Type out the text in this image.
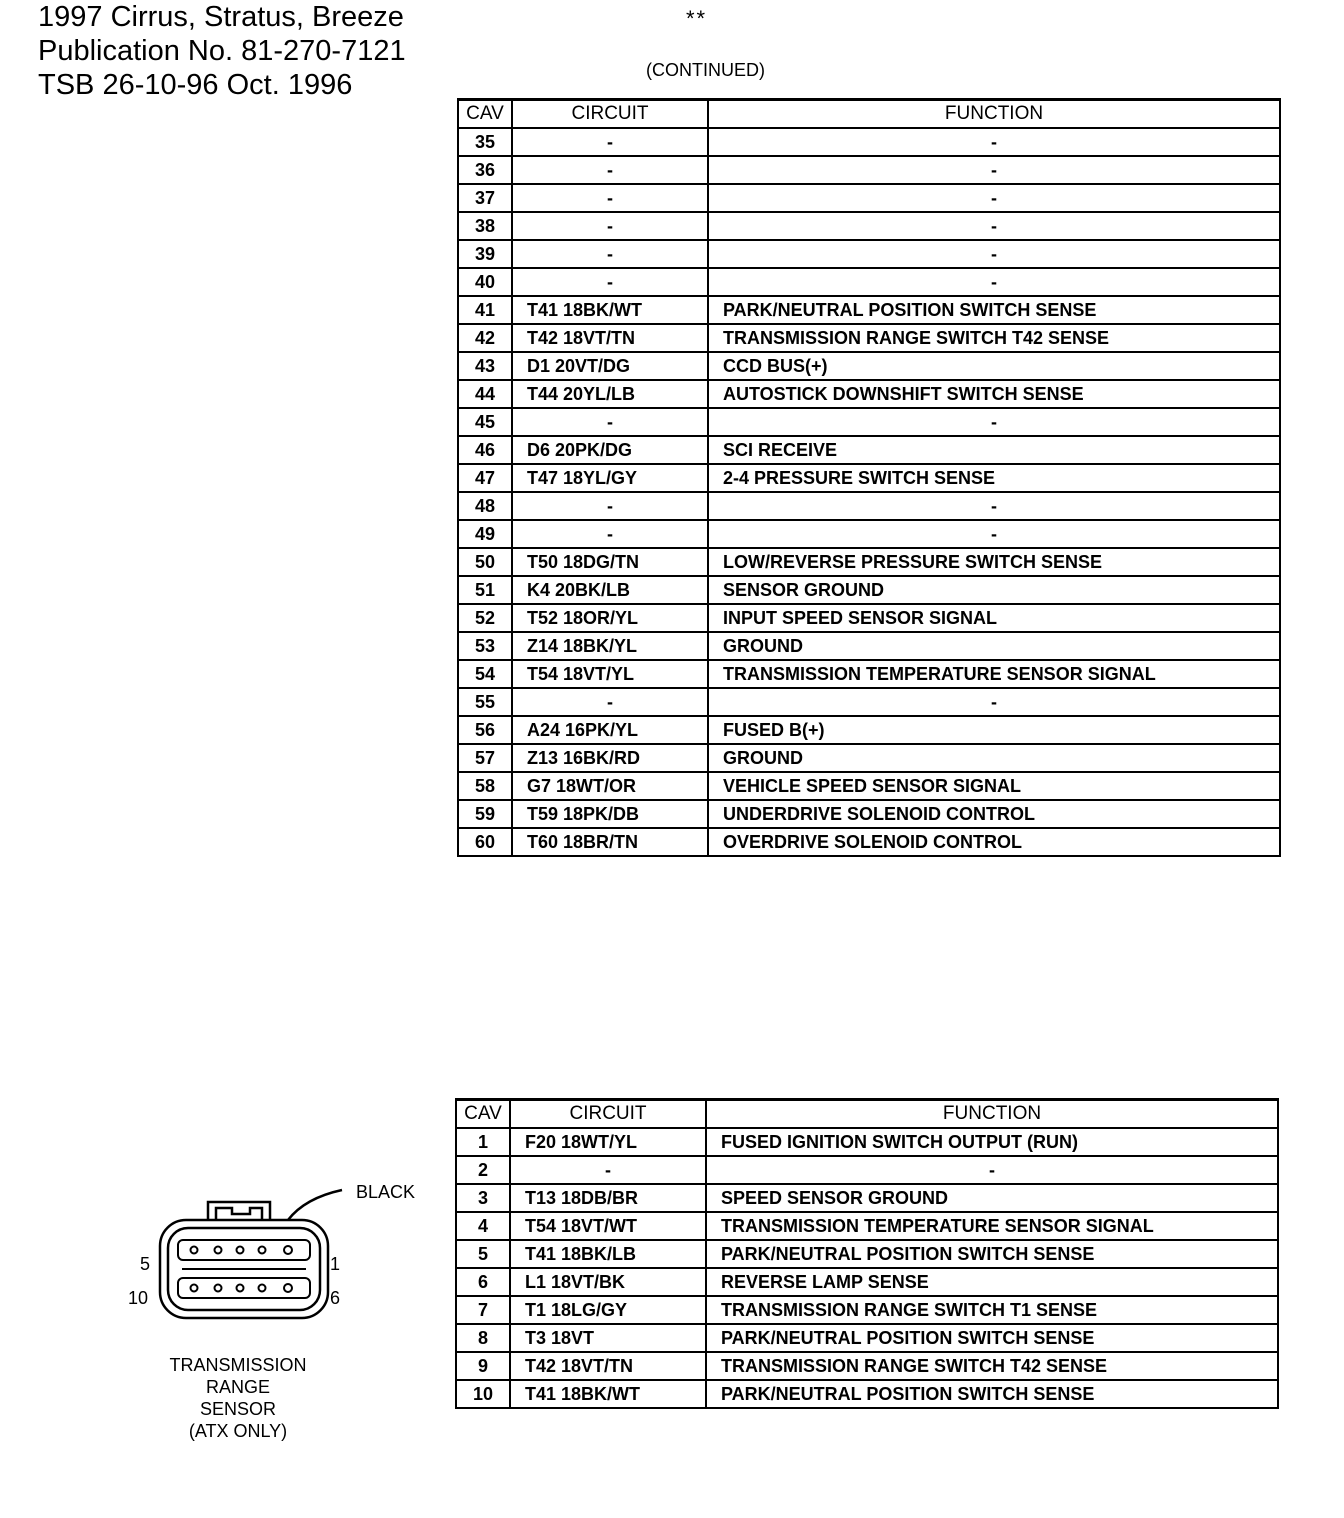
1997 Cirrus, Stratus, Breeze
Publication No. 81-270-7121
TSB 26-10-96 Oct. 1996
**
(CONTINUED)
CAV	CIRCUIT	FUNCTION
35	-	-
36	-	-
37	-	-
38	-	-
39	-	-
40	-	-
41	T41 18BK/WT	PARK/NEUTRAL POSITION SWITCH SENSE
42	T42 18VT/TN	TRANSMISSION RANGE SWITCH T42 SENSE
43	D1 20VT/DG	CCD BUS(+)
44	T44 20YL/LB	AUTOSTICK DOWNSHIFT SWITCH SENSE
45	-	-
46	D6 20PK/DG	SCI RECEIVE
47	T47 18YL/GY	2-4 PRESSURE SWITCH SENSE
48	-	-
49	-	-
50	T50 18DG/TN	LOW/REVERSE PRESSURE SWITCH SENSE
51	K4 20BK/LB	SENSOR GROUND
52	T52 18OR/YL	INPUT SPEED SENSOR SIGNAL
53	Z14 18BK/YL	GROUND
54	T54 18VT/YL	TRANSMISSION TEMPERATURE SENSOR SIGNAL
55	-	-
56	A24 16PK/YL	FUSED B(+)
57	Z13 16BK/RD	GROUND
58	G7 18WT/OR	VEHICLE SPEED SENSOR SIGNAL
59	T59 18PK/DB	UNDERDRIVE SOLENOID CONTROL
60	T60 18BR/TN	OVERDRIVE SOLENOID CONTROL
CAV	CIRCUIT	FUNCTION
1	F20 18WT/YL	FUSED IGNITION SWITCH OUTPUT (RUN)
2	-	-
3	T13 18DB/BR	SPEED SENSOR GROUND
4	T54 18VT/WT	TRANSMISSION TEMPERATURE SENSOR SIGNAL
5	T41 18BK/LB	PARK/NEUTRAL POSITION SWITCH SENSE
6	L1 18VT/BK	REVERSE LAMP SENSE
7	T1 18LG/GY	TRANSMISSION RANGE SWITCH T1 SENSE
8	T3 18VT	PARK/NEUTRAL POSITION SWITCH SENSE
9	T42 18VT/TN	TRANSMISSION RANGE SWITCH T42 SENSE
10	T41 18BK/WT	PARK/NEUTRAL POSITION SWITCH SENSE
BLACK
5	1
10	6
TRANSMISSION
RANGE
SENSOR
(ATX ONLY)
